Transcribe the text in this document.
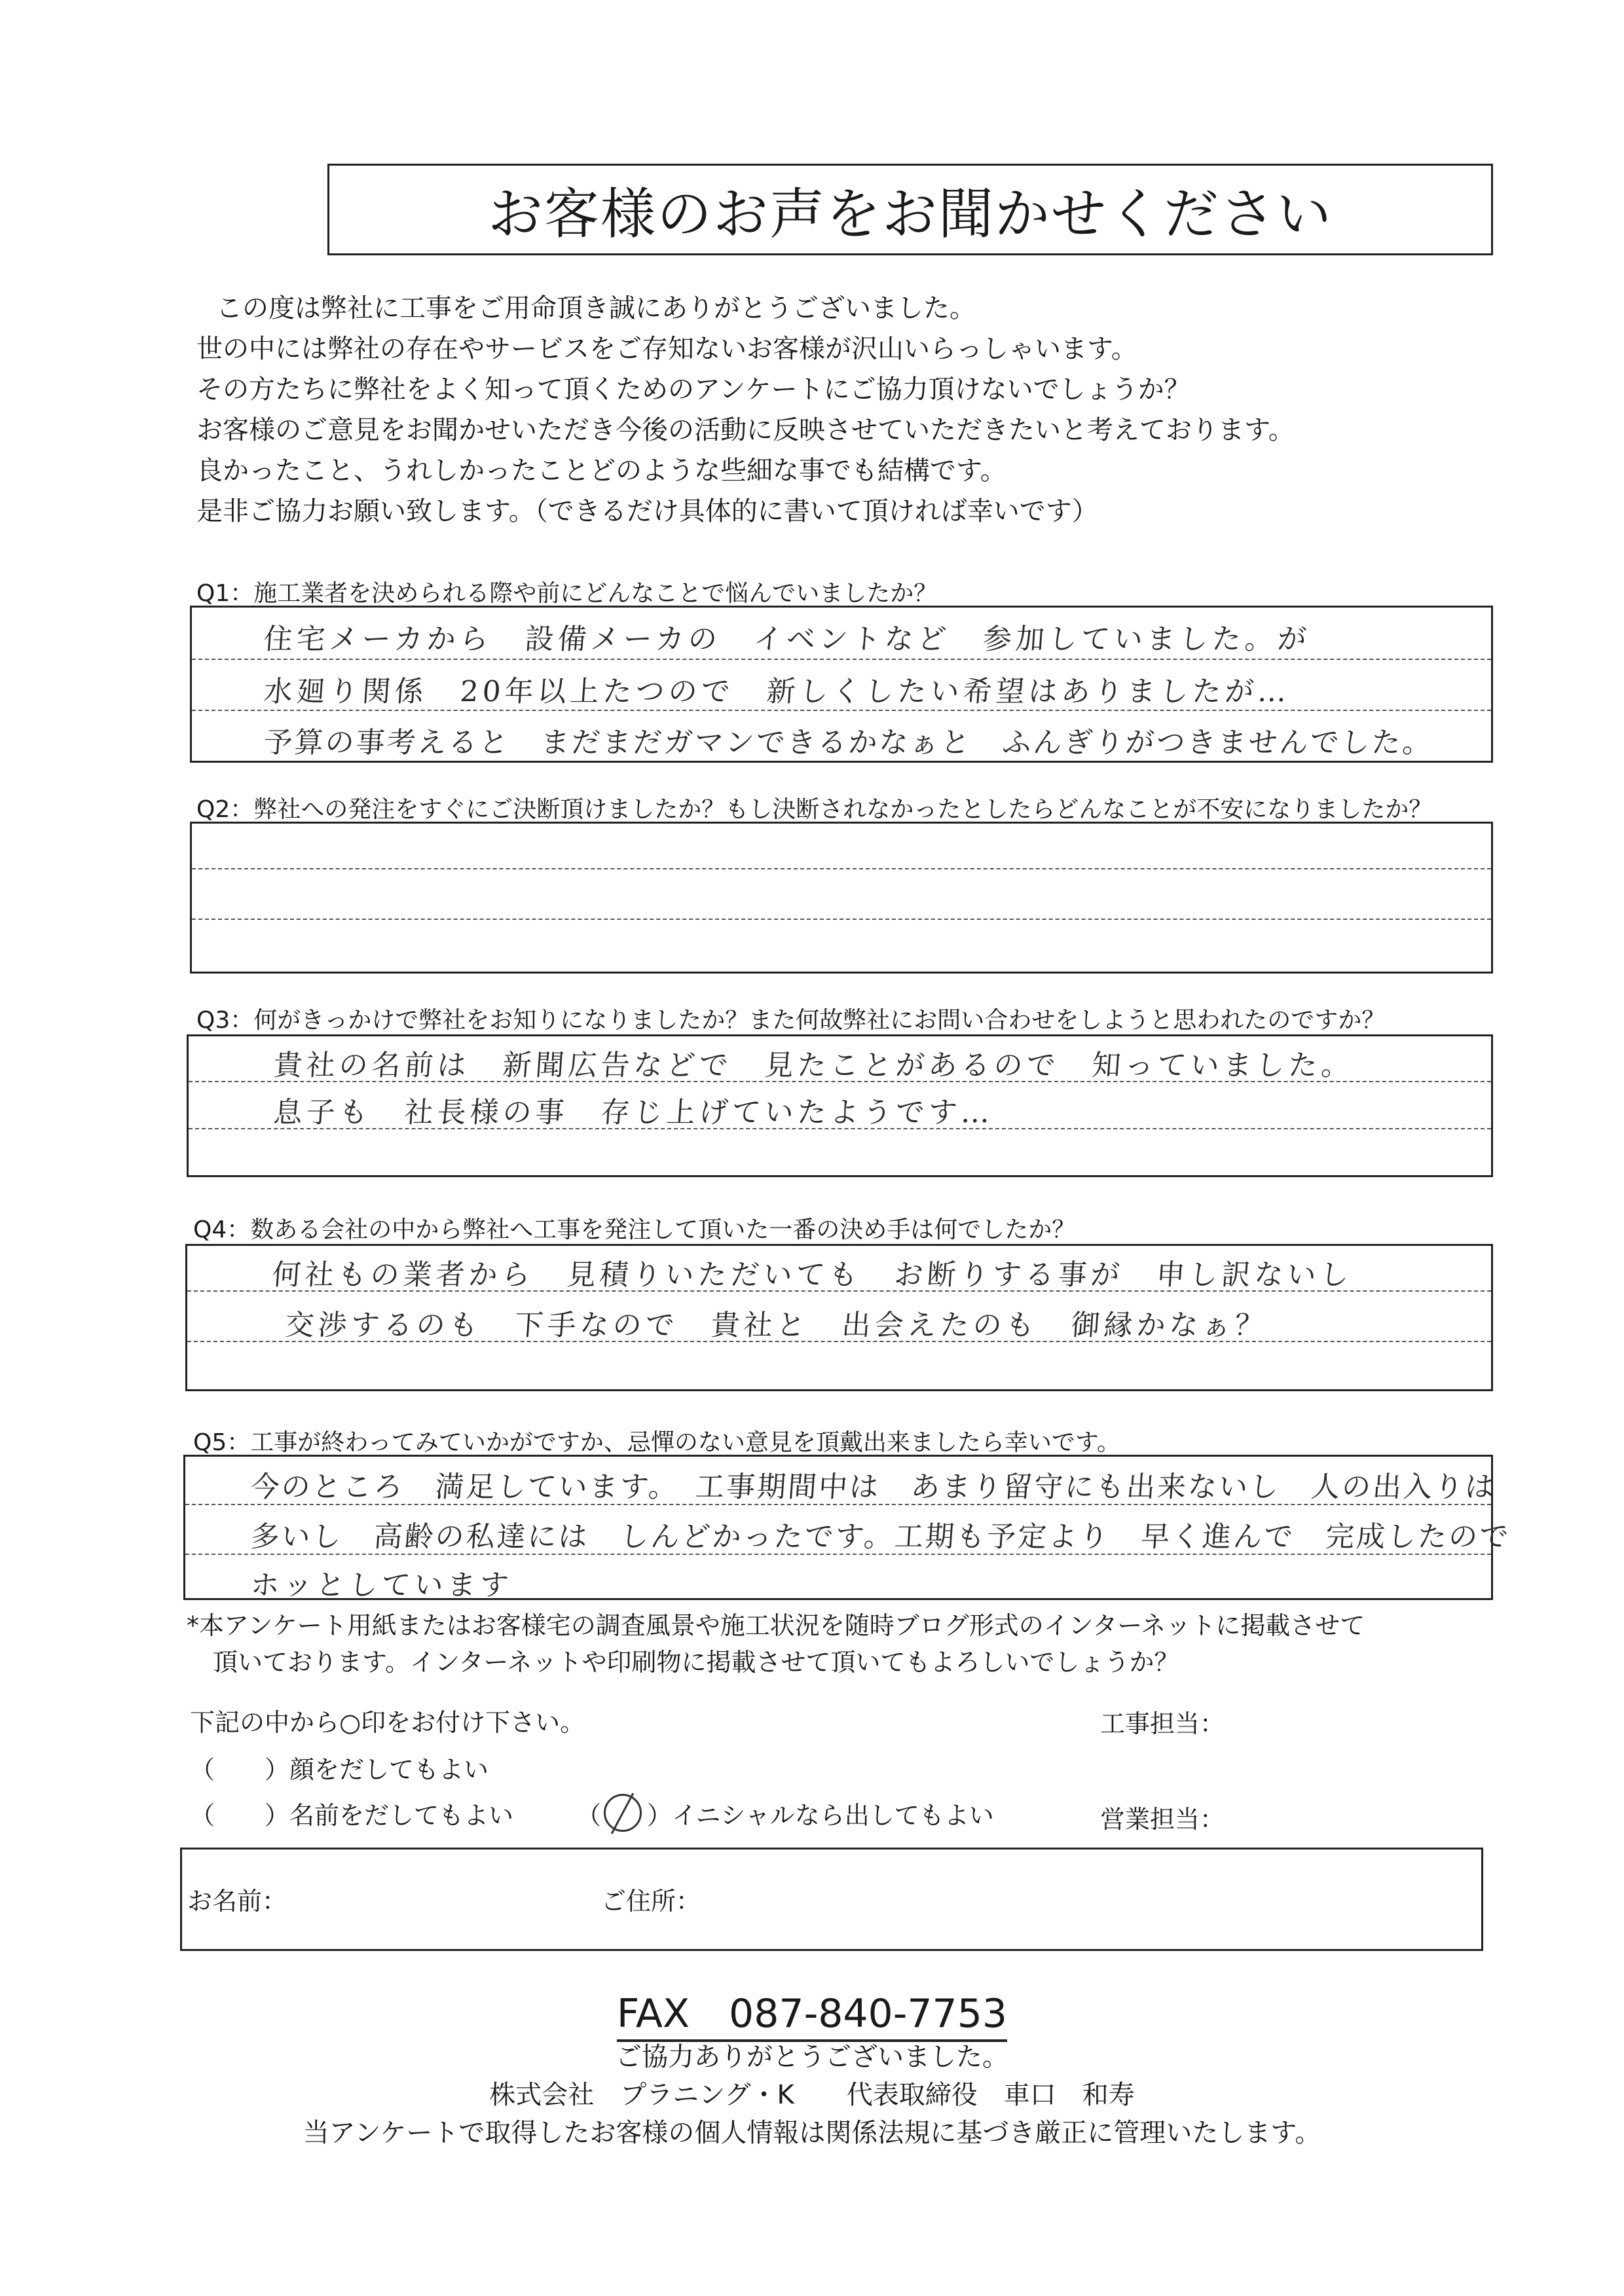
お客様のお声をお聞かせください
この度は弊社に工事をご用命頂き誠にありがとうございました。
世の中には弊社の存在やサービスをご存知ないお客様が沢山いらっしゃいます。
その方たちに弊社をよく知って頂くためのアンケートにご協力頂けないでしょうか？
お客様のご意見をお聞かせいただき今後の活動に反映させていただきたいと考えております。
良かったこと、うれしかったことどのような些細な事でも結構です。
是非ご協力お願い致します。（できるだけ具体的に書いて頂ければ幸いです）
Q1：施工業者を決められる際や前にどんなことで悩んでいましたか？
住宅メーカから　設備メーカの　イベントなど　参加していました。が
水廻り関係　20年以上たつので　新しくしたい希望はありましたが…
予算の事考えると　まだまだガマンできるかなぁと　ふんぎりがつきませんでした。
Q2：弊社への発注をすぐにご決断頂けましたか？もし決断されなかったとしたらどんなことが不安になりましたか？
Q3：何がきっかけで弊社をお知りになりましたか？また何故弊社にお問い合わせをしようと思われたのですか？
貴社の名前は　新聞広告などで　見たことがあるので　知っていました。
息子も　社長様の事　存じ上げていたようです…
Q4：数ある会社の中から弊社へ工事を発注して頂いた一番の決め手は何でしたか？
何社もの業者から　見積りいただいても　お断りする事が　申し訳ないし
交渉するのも　下手なので　貴社と　出会えたのも　御縁かなぁ？
Q5：工事が終わってみていかがですか、忌憚のない意見を頂戴出来ましたら幸いです。
今のところ　満足しています。　工事期間中は　あまり留守にも出来ないし　人の出入りは
多いし　高齢の私達には　しんどかったです。工期も予定より　早く進んで　完成したので
ホッとしています
*本アンケート用紙またはお客様宅の調査風景や施工状況を随時ブログ形式のインターネットに掲載させて
頂いております。インターネットや印刷物に掲載させて頂いてもよろしいでしょうか？
下記の中から○印をお付け下さい。
（　　）顔をだしてもよい
（　　）名前をだしてもよい	（ ）イニシャルなら出してもよい
工事担当：
営業担当：
お名前：	ご住所：
FAX　087-840-7753
ご協力ありがとうございました。
株式会社　プラニング・K　　代表取締役　車口　和寿
当アンケートで取得したお客様の個人情報は関係法規に基づき厳正に管理いたします。
